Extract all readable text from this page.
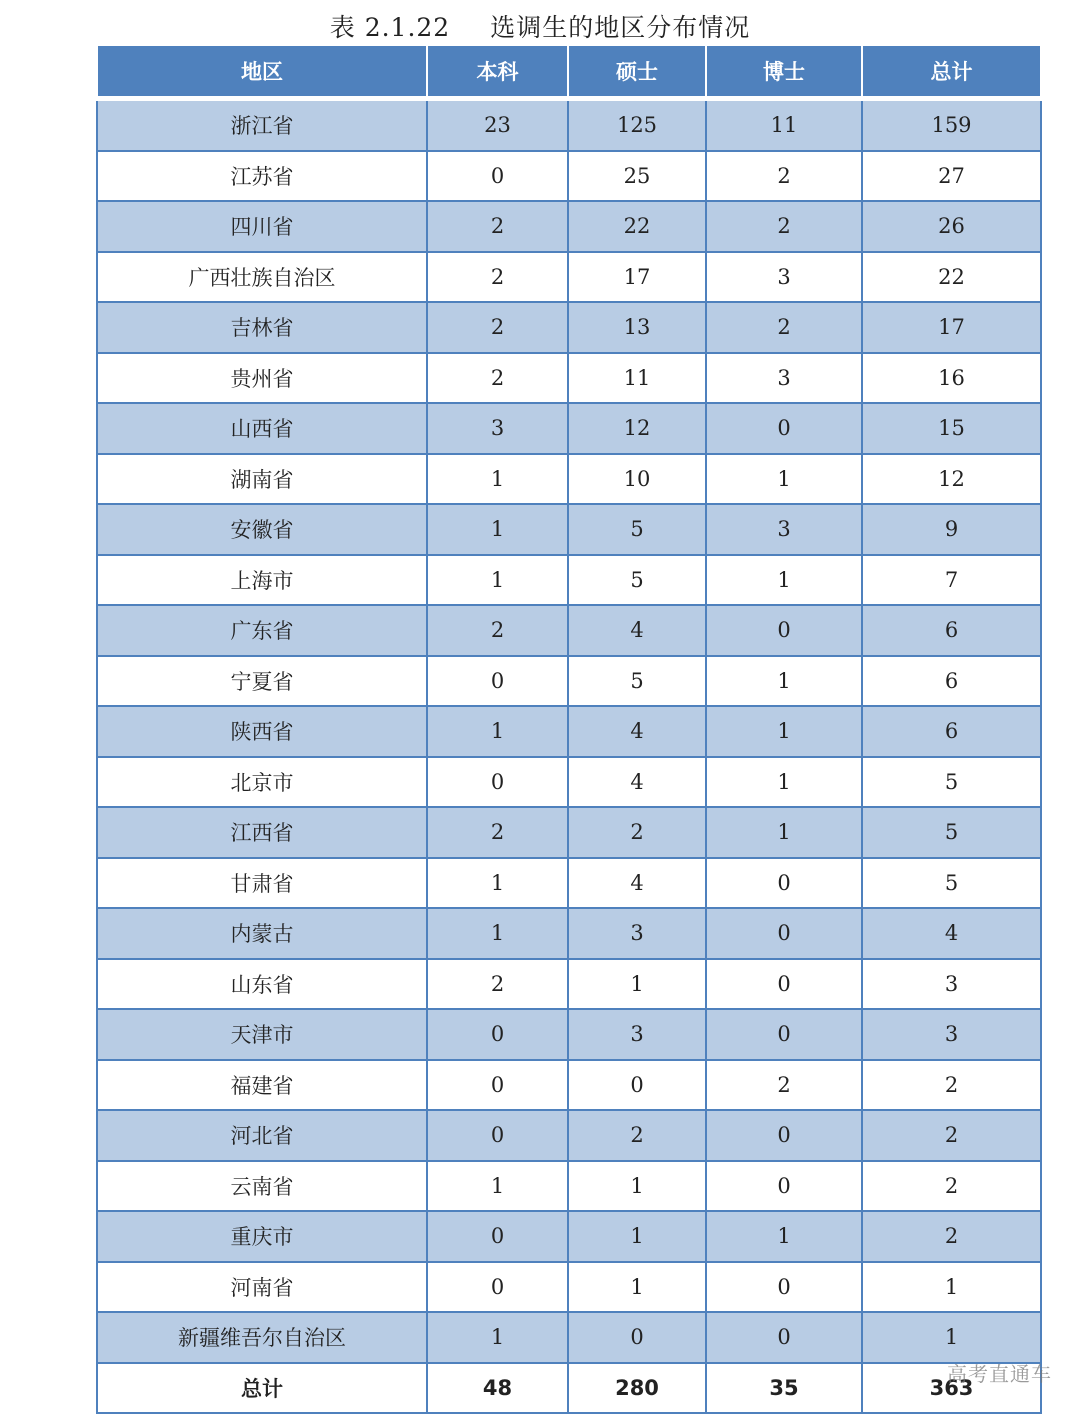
表 2.1.22 选调生的地区分布情况
地区	本科	硕士	博士	总计
浙江省	23	125	11	159
江苏省	0	25	2	27
四川省	2	22	2	26
广西壮族自治区	2	17	3	22
吉林省	2	13	2	17
贵州省	2	11	3	16
山西省	3	12	0	15
湖南省	1	10	1	12
安徽省	1	5	3	9
上海市	1	5	1	7
广东省	2	4	0	6
宁夏省	0	5	1	6
陕西省	1	4	1	6
北京市	0	4	1	5
江西省	2	2	1	5
甘肃省	1	4	0	5
内蒙古	1	3	0	4
山东省	2	1	0	3
天津市	0	3	0	3
福建省	0	0	2	2
河北省	0	2	0	2
云南省	1	1	0	2
重庆市	0	1	1	2
河南省	0	1	0	1
新疆维吾尔自治区	1	0	0	1
总计	48	280	35	363
高考直通车
